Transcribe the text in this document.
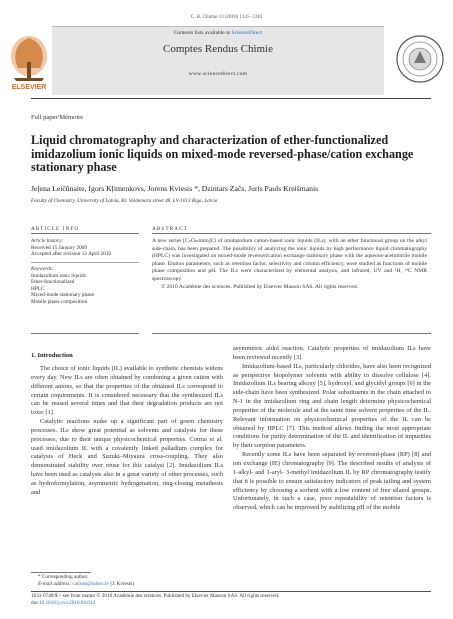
C. R. Chimie 13 (2010) 1335–1340
ELSEVIER
Contents lists available at ScienceDirect
Comptes Rendus Chimie
www.sciencedirect.com
Full paper/Mémoire
Liquid chromatography and characterization of ether-functionalized imidazolium ionic liquids on mixed-mode reversed-phase/cation exchange stationary phase
Jeļena Leičūnaite, Igors Kļimenkovs, Jorens Kviesis *, Dzintars Začs, Juris Pauls Kreišmanis
Faculty of Chemistry, University of Latvia, Kr. Valdemara street 48, LV-1013 Riga, Latvia
ARTICLE INFO	ABSTRACT
Article history:
Received 15 January 2009
Accepted after revision 12 April 2010
Keywords:
Imidazolium ionic liquids
Ether-functionalized
HPLC
Mixed-mode stationary phase
Mobile phase composition
A new series [CₙOₘmim]Cl of imidazolium cation-based ionic liquids (ILs), with an ether functional group on the alkyl side-chain, has been prepared. The possibility of analyzing the ionic liquids by high performance liquid chromatography (HPLC) was investigated on mixed-mode reversed/cation exchange stationary phase with the aqueous-acetonitrile mobile phase. Elution parameters, such as retention factor, selectivity and column efficiency, were studied as functions of mobile phase composition and pH. The ILs were characterized by elemental analysis, and infrared, UV and ¹H, ¹³C NMR spectroscopy.
© 2010 Académie des sciences. Published by Elsevier Masson SAS. All rights reserved.
1. Introduction

The choice of ionic liquids (IL) available to synthetic chemists widens every day. New ILs are often obtained by combining a given cation with different anions, so that the properties of the obtained ILs correspond to certain requirements. It is considered necessary that the synthesized ILs can be reused several times and that their degradation products are not toxic [1].

Catalytic reactions make up a significant part of green chemistry processes. ILs show great potential as solvents and catalysts for these processes, due to their unique physicochemical properties. Corma et al. used imidazolium IL with a covalently linked palladium complex for catalysis of Heck and Suzuki–Miyaura cross-coupling. They also demonstrated stability over reuse for this catalyst [2]. Imidazolium ILs have been used as catalysts also in a great variety of other processes, such as hydroformylation, asymmetric hydrogenation, ring-closing metathesis and

asymmetric aldol reaction. Catalytic properties of imidazolium ILs have been reviewed recently [3].

Imidazolium-based ILs, particularly chlorides, have also been recognized as perspective biopolymer solvents with ability to dissolve cellulose [4]. Imidazolium ILs bearing alkoxy [5], hydroxyl, and glycidyl groups [6] in the side-chain have been synthesized. Polar substituents in the chain attached to N-1 in the imidazolium ring and chain length determine physicochemical properties of the molecule and at the same time solvent properties of the IL. Relevant information on physicochemical properties of the IL can be obtained by HPLC [7]. This method allows finding the most appropriate conditions for purity determination of the IL and identification of impurities by their sorption parameters.

Recently some ILs have been separated by reversed-phase (RP) [8] and ion exchange (IE) chromatography [9]. The described results of analysis of 1-alkyl- and 1-aryl- 3-methyl imidazolium IL by RP chromatography testify that it is possible to ensure satisfactory indicators of peak tailing and system efficiency by choosing a sorbent with a low content of free silanol groups. Unfortunately, in such a case, poor repeatability of retention factors is observed, which can be improved by stabilizing pH of the mobile

* Corresponding author.
E-mail address: cations@inbox.lv (J. Kviesis).
1631-0748/$ – see front matter © 2010 Académie des sciences. Published by Elsevier Masson SAS. All rights reserved.
doi:10.1016/j.crci.2010.04.014
